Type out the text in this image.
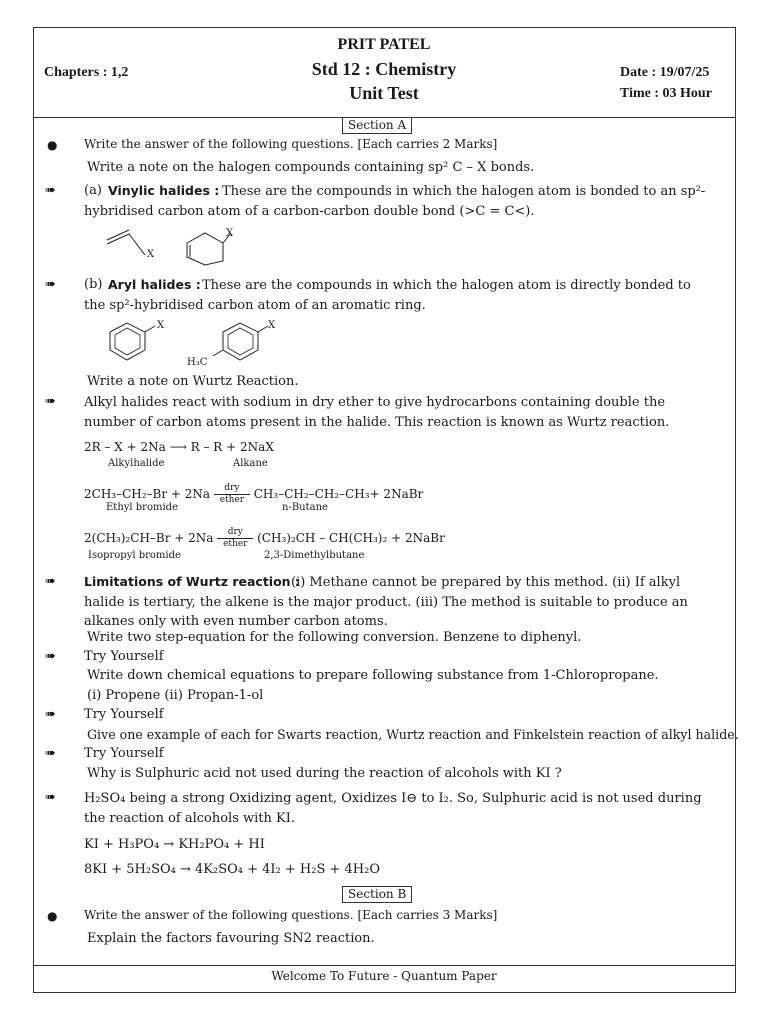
PRIT PATEL
Std 12 : Chemistry
Unit Test
Chapters : 1,2	Date : 19/07/25
Time : 03 Hour
Section A
● Write the answer of the following questions. [Each carries 2 Marks]
Write a note on the halogen compounds containing sp² C – X bonds.
➠ (a) Vinylic halides : These are the compounds in which the halogen atom is bonded to an sp²-hybridised carbon atom of a carbon-carbon double bond (>C = C<).
X
X
➠ (b) Aryl halides : These are the compounds in which the halogen atom is directly bonded to the sp²-hybridised carbon atom of an aromatic ring.
X	X
H₃C
Write a note on Wurtz Reaction.
➠ Alkyl halides react with sodium in dry ether to give hydrocarbons containing double the number of carbon atoms present in the halide. This reaction is known as Wurtz reaction.
2R – X + 2Na ⟶ R – R + 2NaX
Alkylhalide	Alkane
2CH₃–CH₂–Br + 2Na dry
ether CH₃–CH₂–CH₂–CH₃+ 2NaBr
Ethyl bromide	n-Butane
2(CH₃)₂CH–Br + 2Na dry
ether (CH₃)₂CH – CH(CH₃)₂ + 2NaBr
Isopropyl bromide	2,3-Dimethylbutane
➠ Limitations of Wurtz reaction :
(i) Methane cannot be prepared by this method. (ii) If alkyl halide is tertiary, the alkene is the major product. (iii) The method is suitable to produce an alkanes only with even number carbon atoms.
Write two step-equation for the following conversion. Benzene to diphenyl.
➠ Try Yourself
Write down chemical equations to prepare following substance from 1-Chloropropane.
(i) Propene (ii) Propan-1-ol
➠ Try Yourself
Give one example of each for Swarts reaction, Wurtz reaction and Finkelstein reaction of alkyl halide.
➠ Try Yourself
Why is Sulphuric acid not used during the reaction of alcohols with KI ?
➠ H₂SO₄ being a strong Oxidizing agent, Oxidizes I⊖ to I₂. So, Sulphuric acid is not used during the reaction of alcohols with KI.
KI + H₃PO₄ → KH₂PO₄ + HI
8KI + 5H₂SO₄ → 4K₂SO₄ + 4I₂ + H₂S + 4H₂O
Section B
● Write the answer of the following questions. [Each carries 3 Marks]
Explain the factors favouring SN2 reaction.
Welcome To Future - Quantum Paper
